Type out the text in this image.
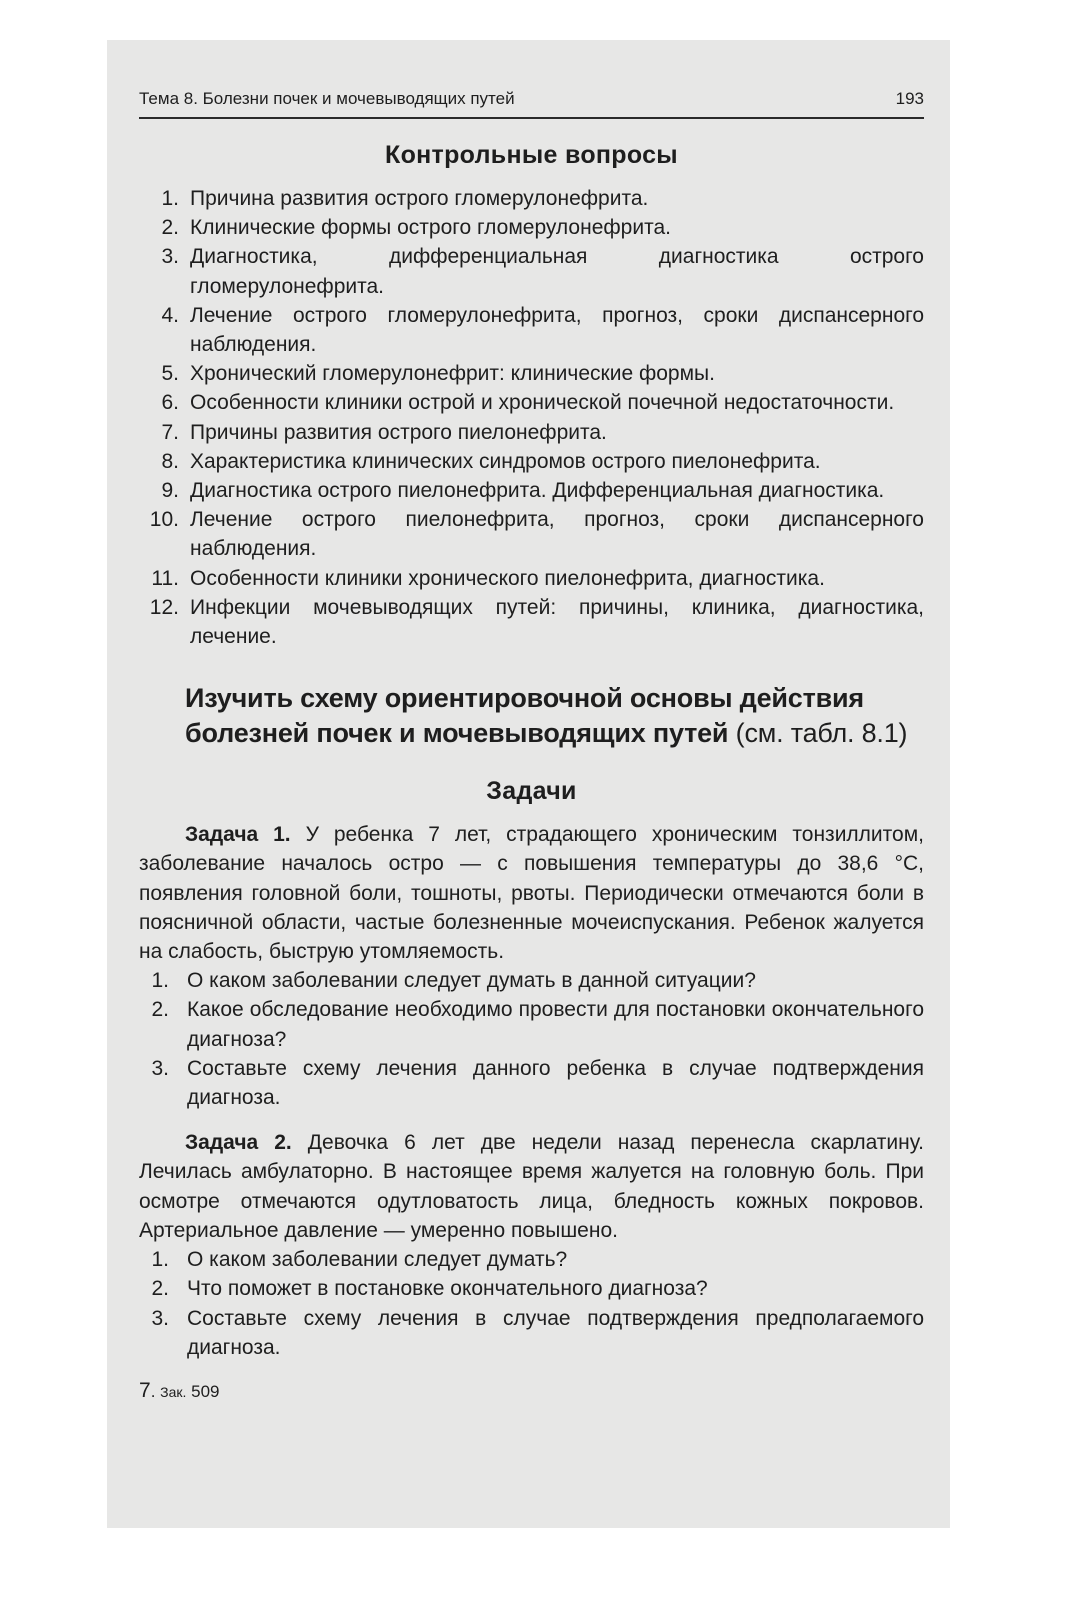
Тема 8. Болезни почек и мочевыводящих путей	193
Контрольные вопросы
1. Причина развития острого гломерулонефрита.
2. Клинические формы острого гломерулонефрита.
3. Диагностика, дифференциальная диагностика острого гломерулонефрита.
4. Лечение острого гломерулонефрита, прогноз, сроки диспансерного наблюдения.
5. Хронический гломерулонефрит: клинические формы.
6. Особенности клиники острой и хронической почечной недостаточности.
7. Причины развития острого пиелонефрита.
8. Характеристика клинических синдромов острого пиелонефрита.
9. Диагностика острого пиелонефрита. Дифференциальная диагностика.
10. Лечение острого пиелонефрита, прогноз, сроки диспансерного наблюдения.
11. Особенности клиники хронического пиелонефрита, диагностика.
12. Инфекции мочевыводящих путей: причины, клиника, диагностика, лечение.
Изучить схему ориентировочной основы действия болезней почек и мочевыводящих путей (см. табл. 8.1)
Задачи

Задача 1. У ребенка 7 лет, страдающего хроническим тонзиллитом, заболевание началось остро — с повышения температуры до 38,6 °С, появления головной боли, тошноты, рвоты. Периодически отмечаются боли в поясничной области, частые болезненные мочеиспускания. Ребенок жалуется на слабость, быструю утомляемость.

1. О каком заболевании следует думать в данной ситуации?
2. Какое обследование необходимо провести для постановки окончательного диагноза?
3. Составьте схему лечения данного ребенка в случае подтверждения диагноза.

Задача 2. Девочка 6 лет две недели назад перенесла скарлатину. Лечилась амбулаторно. В настоящее время жалуется на головную боль. При осмотре отмечаются одутловатость лица, бледность кожных покровов. Артериальное давление — умеренно повышено.

1. О каком заболевании следует думать?
2. Что поможет в постановке окончательного диагноза?
3. Составьте схему лечения в случае подтверждения предполагаемого диагноза.
7. Зак. 509
